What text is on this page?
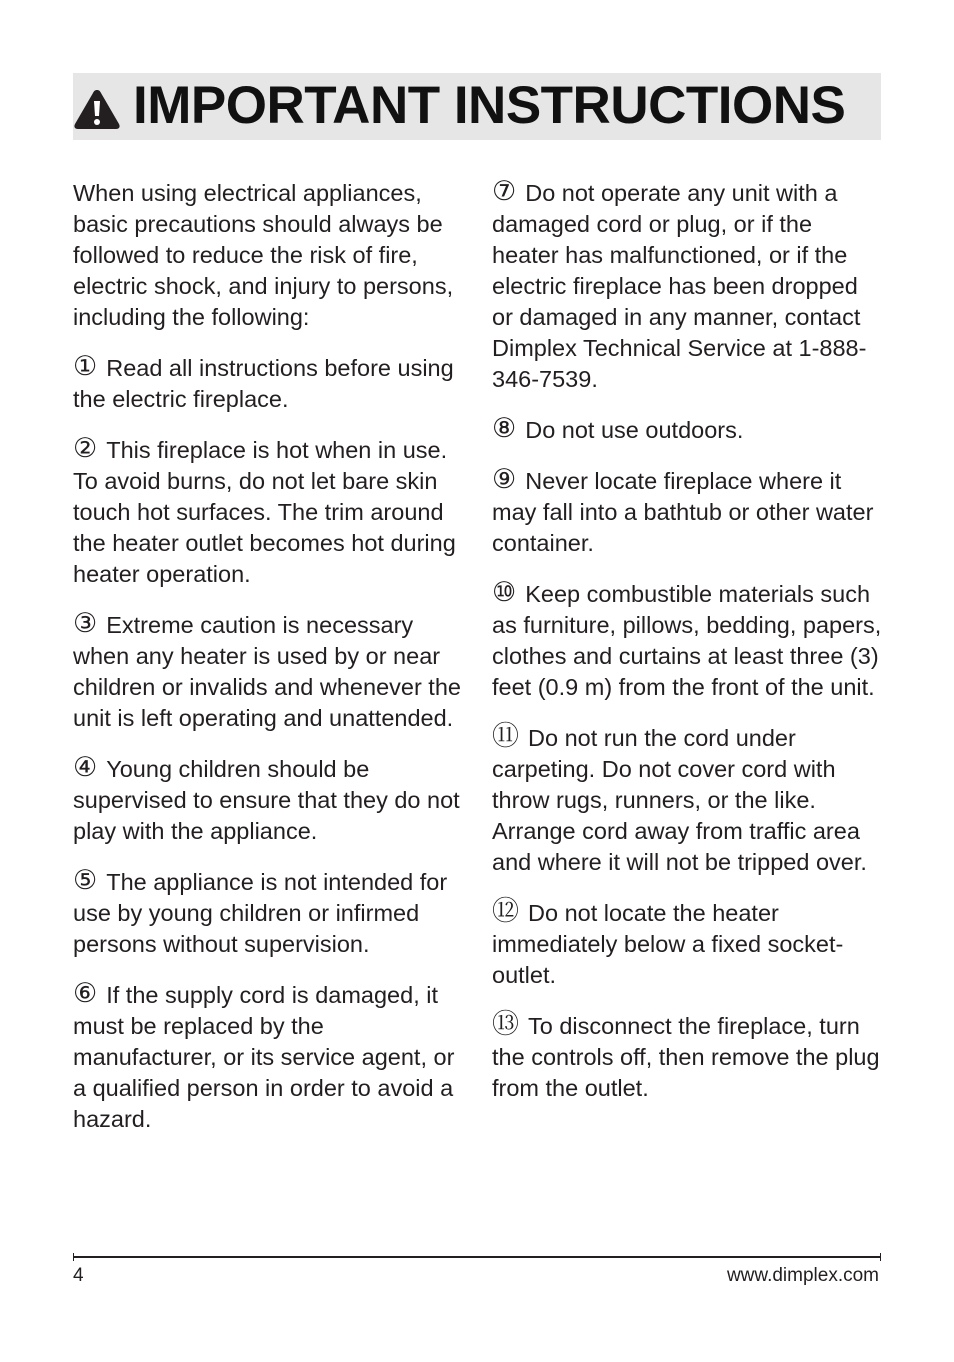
IMPORTANT INSTRUCTIONS

When using electrical appliances, basic precautions should always be followed to reduce the risk of fire, electric shock, and injury to persons, including the following:

① Read all instructions before using the electric fireplace.

② This fireplace is hot when in use. To avoid burns, do not let bare skin touch hot surfaces. The trim around the heater outlet becomes hot during heater operation.

③ Extreme caution is necessary when any heater is used by or near children or invalids and whenever the unit is left operating and unattended.

④ Young children should be supervised to ensure that they do not play with the appliance.

⑤ The appliance is not intended for use by young children or infirmed persons without supervision.

⑥ If the supply cord is damaged, it must be replaced by the manufacturer, or its service agent, or a qualified person in order to avoid a hazard.

⑦ Do not operate any unit with a damaged cord or plug, or if the heater has malfunctioned, or if the electric fireplace has been dropped or damaged in any manner, contact Dimplex Technical Service at 1-888-346-7539.

⑧ Do not use outdoors.

⑨ Never locate fireplace where it may fall into a bathtub or other water container.

⑩ Keep combustible materials such as furniture, pillows, bedding, papers, clothes and curtains at least three (3) feet (0.9 m) from the front of the unit.

⑪ Do not run the cord under carpeting. Do not cover cord with throw rugs, runners, or the like. Arrange cord away from traffic area and where it will not be tripped over.

⑫ Do not locate the heater immediately below a fixed socket-outlet.

⑬ To disconnect the fireplace, turn the controls off, then remove the plug from the outlet.

4	www.dimplex.com
